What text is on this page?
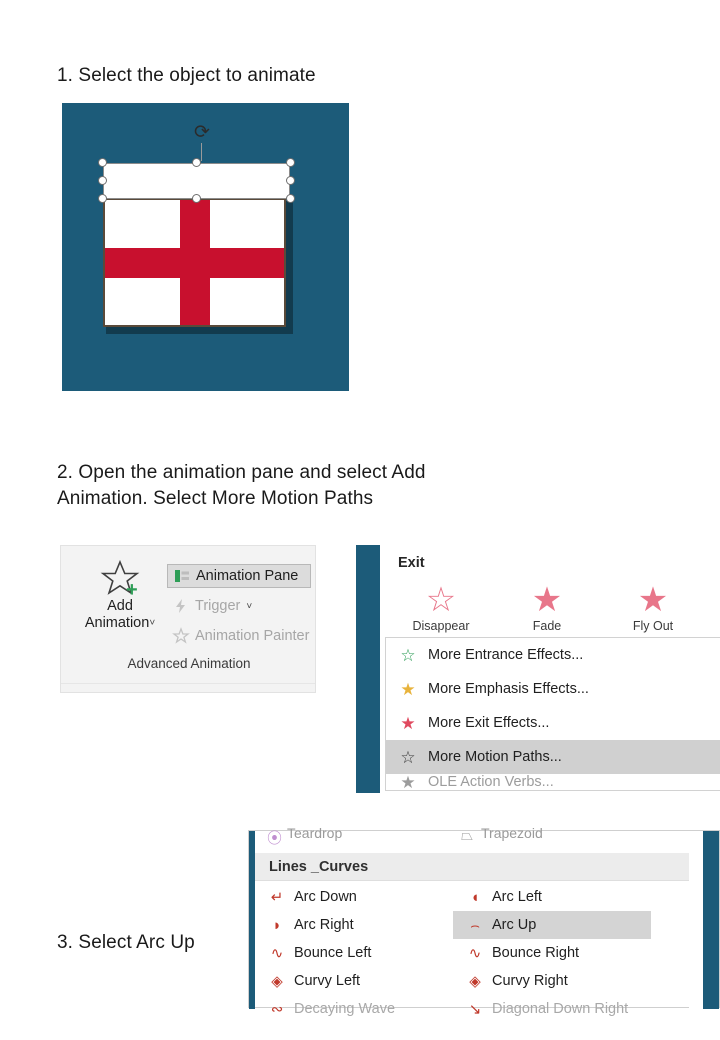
1. Select the object to animate
⟳
2. Open the animation pane and select Add Animation. Select More Motion Paths
+
Add
Animation˅
Animation Pane
Trigger ˅
Animation Painter
Advanced Animation
Exit
☆
Disappear
★
Fade
★
Fly Out
☆ More Entrance Effects...
★ More Emphasis Effects...
★ More Exit Effects...
☆ More Motion Paths...
★ OLE Action Verbs...
3. Select Arc Up
⦿ Teardrop	⏢ Trapezoid
Lines _Curves
↵ Arc Down	◖ Arc Left
◗ Arc Right	⌢ Arc Up
∿ Bounce Left	∿ Bounce Right
◈ Curvy Left	◈ Curvy Right
∾ Decaying Wave	↘ Diagonal Down Right
